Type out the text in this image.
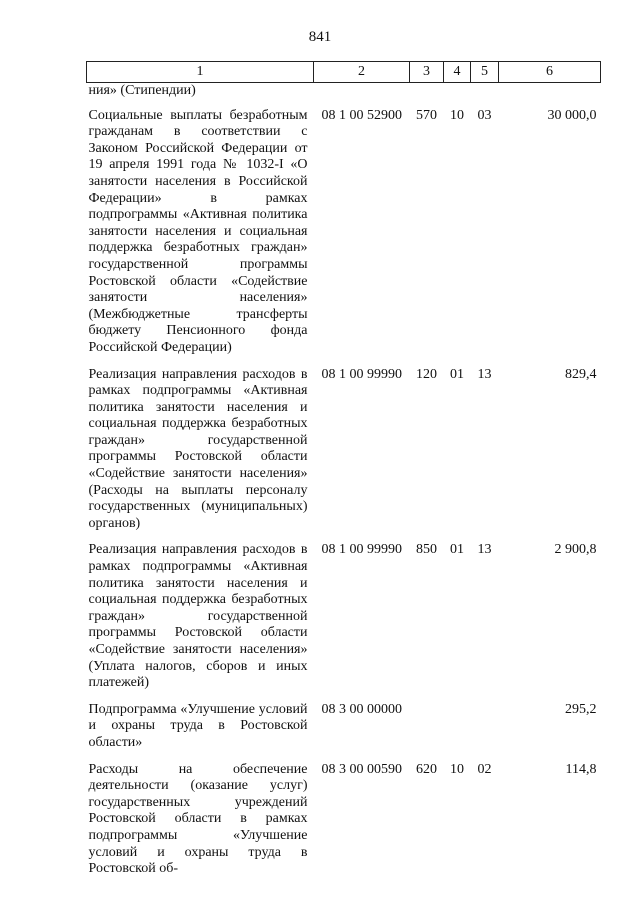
841
1	2	3	4	5	6
ния» (Стипендии)					
Социальные выплаты безработным гражданам в соответствии с Законом Российской Федерации от 19 апреля 1991 года № 1032-I «О занятости населения в Российской Федерации» в рамках подпрограммы «Активная политика занятости населения и социальная поддержка безработных граждан» государственной программы Ростовской области «Содействие занятости населения» (Межбюджетные трансферты бюджету Пенсионного фонда Российской Федерации)	08 1 00 52900	570	10	03	30 000,0
Реализация направления расходов в рамках подпрограммы «Активная политика занятости населения и социальная поддержка безработных граждан» государственной программы Ростовской области «Содействие занятости населения» (Расходы на выплаты персоналу государственных (муниципальных) органов)	08 1 00 99990	120	01	13	829,4
Реализация направления расходов в рамках подпрограммы «Активная политика занятости населения и социальная поддержка безработных граждан» государственной программы Ростовской области «Содействие занятости населения» (Уплата налогов, сборов и иных платежей)	08 1 00 99990	850	01	13	2 900,8
Подпрограмма «Улучшение условий и охраны труда в Ростовской области»	08 3 00 00000				295,2
Расходы на обеспечение деятельности (оказание услуг) государственных учреждений Ростовской области в рамках подпрограммы «Улучшение условий и охраны труда в Ростовской об-	08 3 00 00590	620	10	02	114,8
